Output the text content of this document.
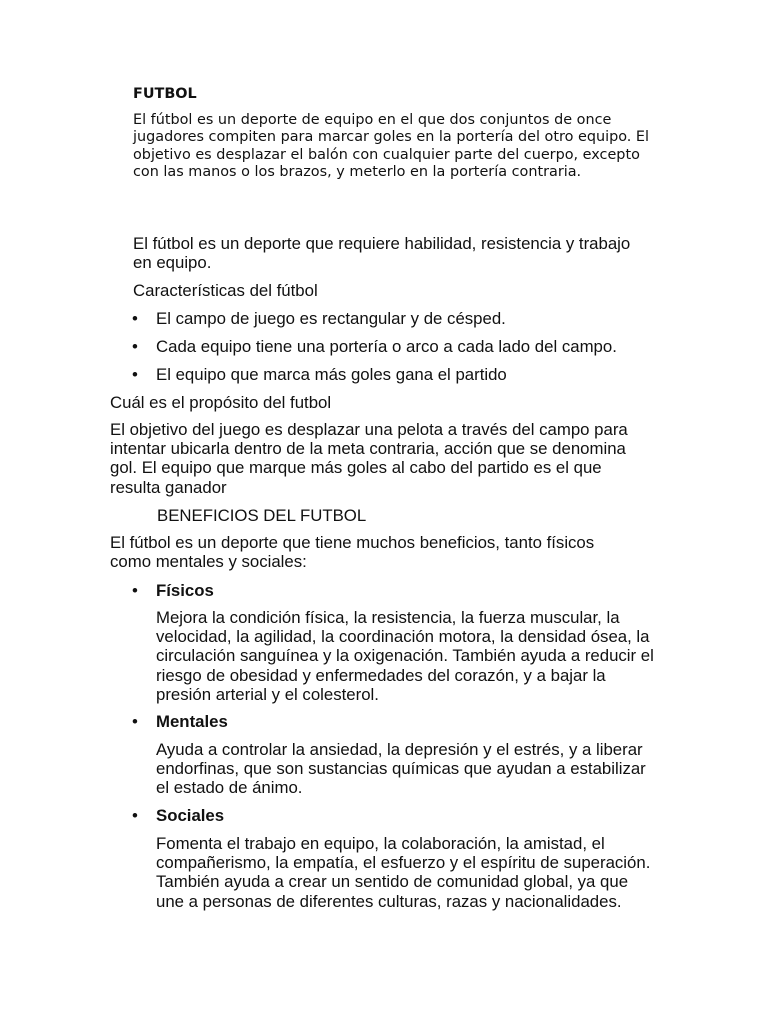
FUTBOL
El fútbol es un deporte de equipo en el que dos conjuntos de once jugadores compiten para marcar goles en la portería del otro equipo. El objetivo es desplazar el balón con cualquier parte del cuerpo, excepto con las manos o los brazos, y meterlo en la portería contraria.
El fútbol es un deporte que requiere habilidad, resistencia y trabajo en equipo.
Características del fútbol
• El campo de juego es rectangular y de césped.
• Cada equipo tiene una portería o arco a cada lado del campo.
• El equipo que marca más goles gana el partido
Cuál es el propósito del futbol
El objetivo del juego es desplazar una pelota a través del campo para intentar ubicarla dentro de la meta contraria, acción que se denomina gol. El equipo que marque más goles al cabo del partido es el que resulta ganador
BENEFICIOS DEL FUTBOL
El fútbol es un deporte que tiene muchos beneficios, tanto físicos como mentales y sociales:
• Físicos
Mejora la condición física, la resistencia, la fuerza muscular, la velocidad, la agilidad, la coordinación motora, la densidad ósea, la circulación sanguínea y la oxigenación. También ayuda a reducir el riesgo de obesidad y enfermedades del corazón, y a bajar la presión arterial y el colesterol.
• Mentales
Ayuda a controlar la ansiedad, la depresión y el estrés, y a liberar endorfinas, que son sustancias químicas que ayudan a estabilizar el estado de ánimo.
• Sociales
Fomenta el trabajo en equipo, la colaboración, la amistad, el compañerismo, la empatía, el esfuerzo y el espíritu de superación. También ayuda a crear un sentido de comunidad global, ya que une a personas de diferentes culturas, razas y nacionalidades.
